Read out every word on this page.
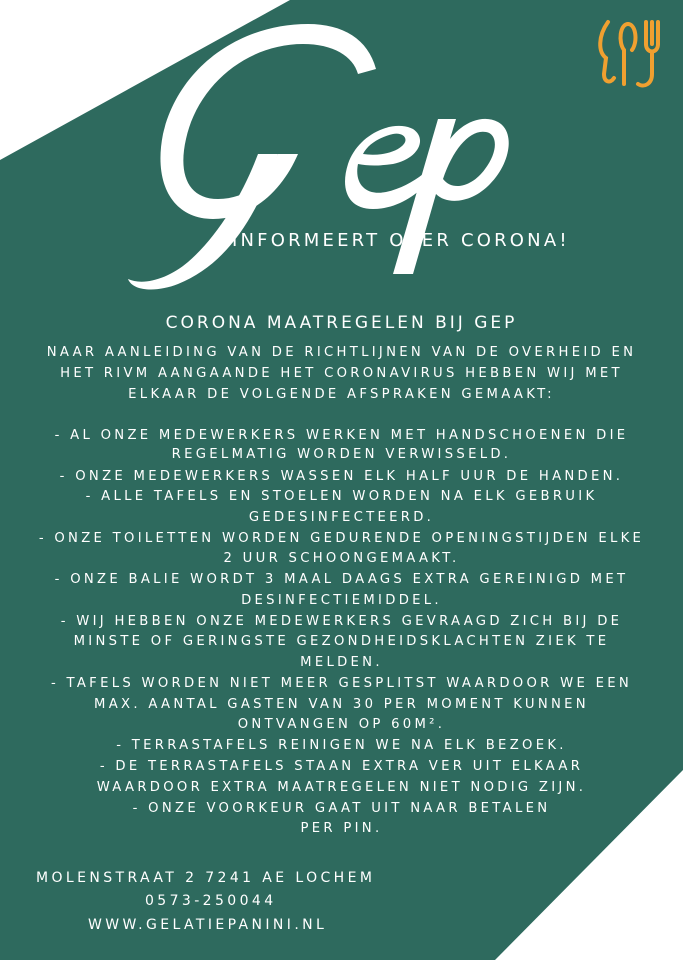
INFORMEERT OVER CORONA!
CORONA MAATREGELEN BIJ GEP
NAAR AANLEIDING VAN DE RICHTLIJNEN VAN DE OVERHEID EN
HET RIVM AANGAANDE HET CORONAVIRUS HEBBEN WIJ MET
ELKAAR DE VOLGENDE AFSPRAKEN GEMAAKT:
- AL ONZE MEDEWERKERS WERKEN MET HANDSCHOENEN DIE
REGELMATIG WORDEN VERWISSELD.
- ONZE MEDEWERKERS WASSEN ELK HALF UUR DE HANDEN.
- ALLE TAFELS EN STOELEN WORDEN NA ELK GEBRUIK
GEDESINFECTEERD.
- ONZE TOILETTEN WORDEN GEDURENDE OPENINGSTIJDEN ELKE
2 UUR SCHOONGEMAAKT.
- ONZE BALIE WORDT 3 MAAL DAAGS EXTRA GEREINIGD MET
DESINFECTIEMIDDEL.
- WIJ HEBBEN ONZE MEDEWERKERS GEVRAAGD ZICH BIJ DE
MINSTE OF GERINGSTE GEZONDHEIDSKLACHTEN ZIEK TE
MELDEN.
- TAFELS WORDEN NIET MEER GESPLITST WAARDOOR WE EEN
MAX. AANTAL GASTEN VAN 30 PER MOMENT KUNNEN
ONTVANGEN OP 60M².
- TERRASTAFELS REINIGEN WE NA ELK BEZOEK.
- DE TERRASTAFELS STAAN EXTRA VER UIT ELKAAR
WAARDOOR EXTRA MAATREGELEN NIET NODIG ZIJN.
- ONZE VOORKEUR GAAT UIT NAAR BETALEN
PER PIN.
MOLENSTRAAT 2 7241 AE LOCHEM
0573-250044
WWW.GELATIEPANINI.NL
